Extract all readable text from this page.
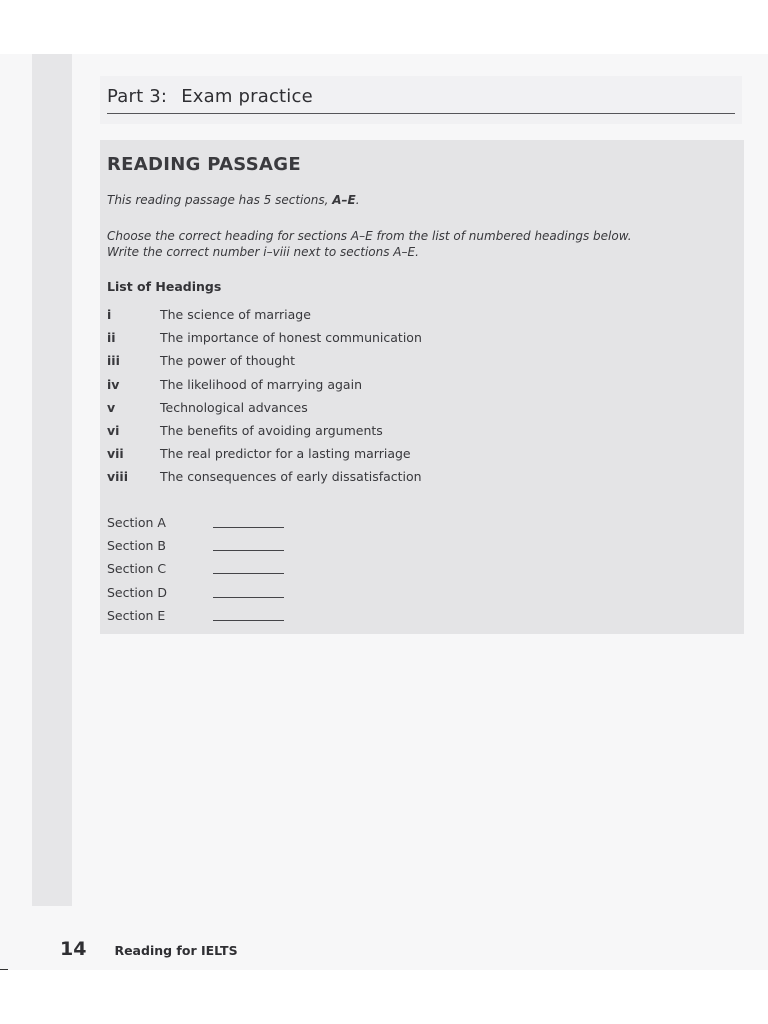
Part 3: Exam practice
READING PASSAGE
This reading passage has 5 sections, A–E.
Choose the correct heading for sections A–E from the list of numbered headings below.
Write the correct number i–viii next to sections A–E.
List of Headings
i	The science of marriage
ii	The importance of honest communication
iii	The power of thought
iv	The likelihood of marrying again
v	Technological advances
vi	The benefits of avoiding arguments
vii	The real predictor for a lasting marriage
viii	The consequences of early dissatisfaction
Section A
Section B
Section C
Section D
Section E
14 Reading for IELTS
